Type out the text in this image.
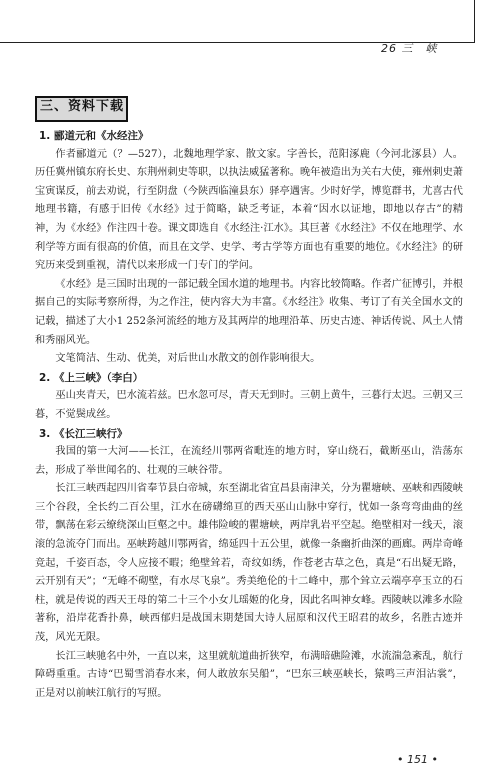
26 三　峡
三、资料下载
1. 郦道元和《水经注》

作者郦道元（？—527），北魏地理学家、散文家。字善长，范阳涿鹿（今河北涿县）人。历任冀州镇东府长史、东荆州刺史等职，以执法威猛著称。晚年被造出为关右大使，雍州刺史萧宝寅谋反，前去劝说，行至阴盘（今陕西临潼县东）驿亭遇害。少时好学，博览群书，尤喜古代地理书籍，有感于旧传《水经》过于简略，缺乏考证，本着“因水以证地，即地以存古”的精神，为《水经》作注四十卷。课文即选自《水经注·江水》。其巨著《水经注》不仅在地理学、水利学等方面有很高的价值，而且在文学、史学、考古学等方面也有重要的地位。《水经注》的研究历来受到重视，清代以来形成一门专门的学问。

《水经》是三国时出现的一部记载全国水道的地理书。内容比较简略。作者广征博引，并根据自己的实际考察所得，为之作注，使内容大为丰富。《水经注》收集、考订了有关全国水文的记载，描述了大小1 252条河流经的地方及其两岸的地理沿革、历史古迹、神话传说、风土人情和秀丽风光。

文笔简洁、生动、优美，对后世山水散文的创作影响很大。

2. 《上三峡》（李白）

巫山夹青天，巴水流若兹。巴水忽可尽，青天无到时。三朝上黄牛，三暮行太迟。三朝又三暮，不觉鬓成丝。

3. 《长江三峡行》

我国的第一大河——长江，在流经川鄂两省毗连的地方时，穿山绕石，截断巫山，浩荡东去，形成了举世闻名的、壮观的三峡谷带。

长江三峡西起四川省奉节县白帝城，东至湖北省宜昌县南津关，分为瞿塘峡、巫峡和西陵峡三个谷段，全长约二百公里，江水在磅礴绵亘的西天巫山山脉中穿行，忧如一条弯弯曲曲的丝带，飘荡在彩云缭绕深山巨壑之中。雄伟险峻的瞿塘峡，两岸乳岩平空起。绝壁相对一线天，滚滚的急流夺门而出。巫峡跨越川鄂两省，绵延四十五公里，就像一条幽折曲深的画廊。两岸奇峰竞起，千姿百态，令人应接不暇；绝壁耸若，奇纹如绣，作苍老古草之色，真是“石出疑无路，云开别有天”；“无峰不砌壁，有水尽飞泉”。秀美绝伦的十二峰中，那个耸立云端亭亭玉立的石柱，就是传说的西天王母的第二十三个小女儿瑶姬的化身，因此名叫神女峰。西陵峡以滩多水险著称，沿岸花香扑鼻，峡西郁归是战国末期楚国大诗人屈原和汉代王昭君的故乡，名胜古迹并茂，风光无限。

长江三峡驰名中外，一直以来，这里就航道曲折狭窄，布满暗礁险滩，水流湍急紊乱，航行障碍重重。古诗“巴蜀雪消春水来，何人敢放东吴船”，“巴东三峡巫峡长，猿鸣三声泪沾裳”，正是对以前峡江航行的写照。

• 151 •
